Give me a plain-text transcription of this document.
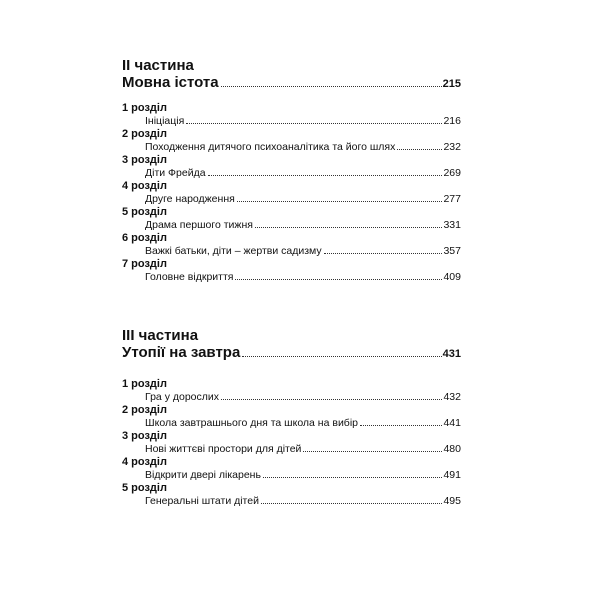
ІІ частина
Мовна істота	215
1 розділ
Ініціація	216
2 розділ
Походження дитячого психоаналітика та його шлях	232
3 розділ
Діти Фрейда	269
4 розділ
Друге народження	277
5 розділ
Драма першого тижня	331
6 розділ
Важкі батьки, діти – жертви садизму	357
7 розділ
Головне відкриття	409
ІІІ частина
Утопії на завтра	431
1 розділ
Гра у дорослих	432
2 розділ
Школа завтрашнього дня та школа на вибір	441
3 розділ
Нові життєві простори для дітей	480
4 розділ
Відкрити двері лікарень	491
5 розділ
Генеральні штати дітей	495
